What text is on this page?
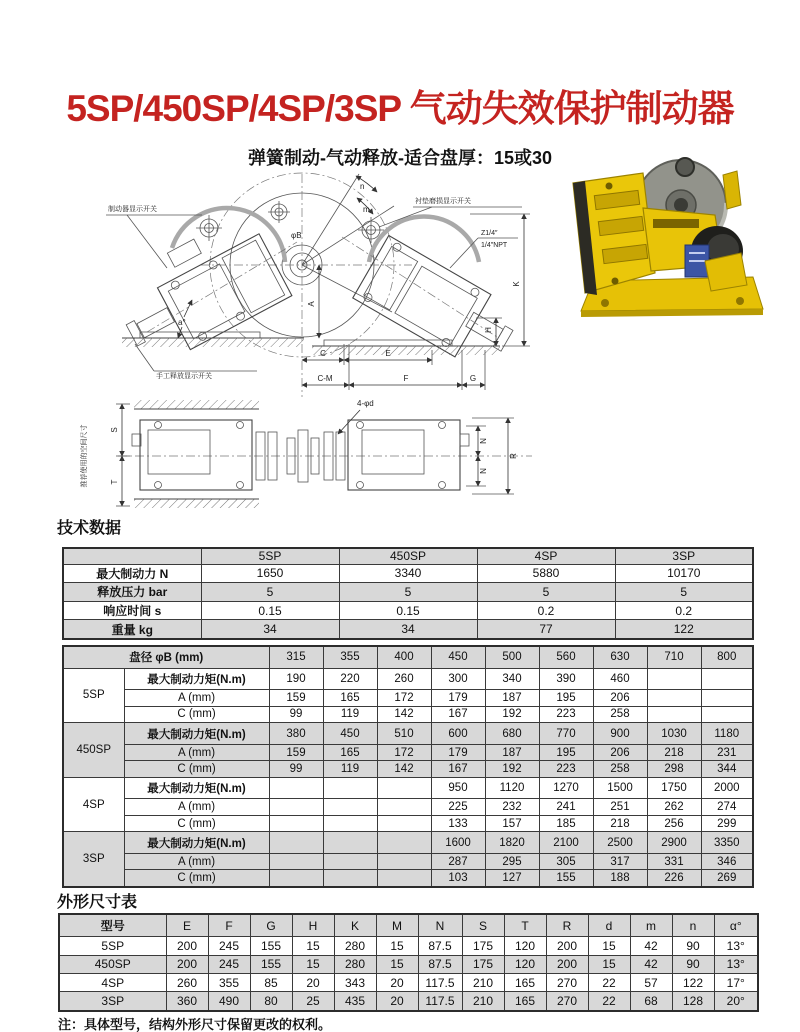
5SP/450SP/4SP/3SP 气动失效保护制动器
弹簧制动-气动释放-适合盘厚：15或30
制动器显示开关
衬垫磨损显示开关
手工释放显示开关
Z1/4″
1/4″NPT
φB
n
m
a°
A
K
H
C	E
C-M	F	G
推荐使用的空间尺寸
4-φd
S
T
N
N
R
技术数据
	5SP	450SP	4SP	3SP
最大制动力 N	1650	3340	5880	10170
释放压力 bar	5	5	5	5
响应时间 s	0.15	0.15	0.2	0.2
重量 kg	34	34	77	122
盘径 φB (mm)		315	355	400	450	500	560	630	710	800
5SP	最大制动力矩(N.m)	190	220	260	300	340	390	460		
	A (mm)	159	165	172	179	187	195	206		
	C (mm)	99	119	142	167	192	223	258		
450SP	最大制动力矩(N.m)	380	450	510	600	680	770	900	1030	1180
	A (mm)	159	165	172	179	187	195	206	218	231
	C (mm)	99	119	142	167	192	223	258	298	344
4SP	最大制动力矩(N.m)				950	1120	1270	1500	1750	2000
	A (mm)				225	232	241	251	262	274
	C (mm)				133	157	185	218	256	299
3SP	最大制动力矩(N.m)				1600	1820	2100	2500	2900	3350
	A (mm)				287	295	305	317	331	346
	C (mm)				103	127	155	188	226	269
外形尺寸表
型号	E	F	G	H	K	M	N	S	T	R	d	m	n	α°
5SP	200	245	155	15	280	15	87.5	175	120	200	15	42	90	13°
450SP	200	245	155	15	280	15	87.5	175	120	200	15	42	90	13°
4SP	260	355	85	20	343	20	117.5	210	165	270	22	57	122	17°
3SP	360	490	80	25	435	20	117.5	210	165	270	22	68	128	20°
注：具体型号，结构外形尺寸保留更改的权利。
